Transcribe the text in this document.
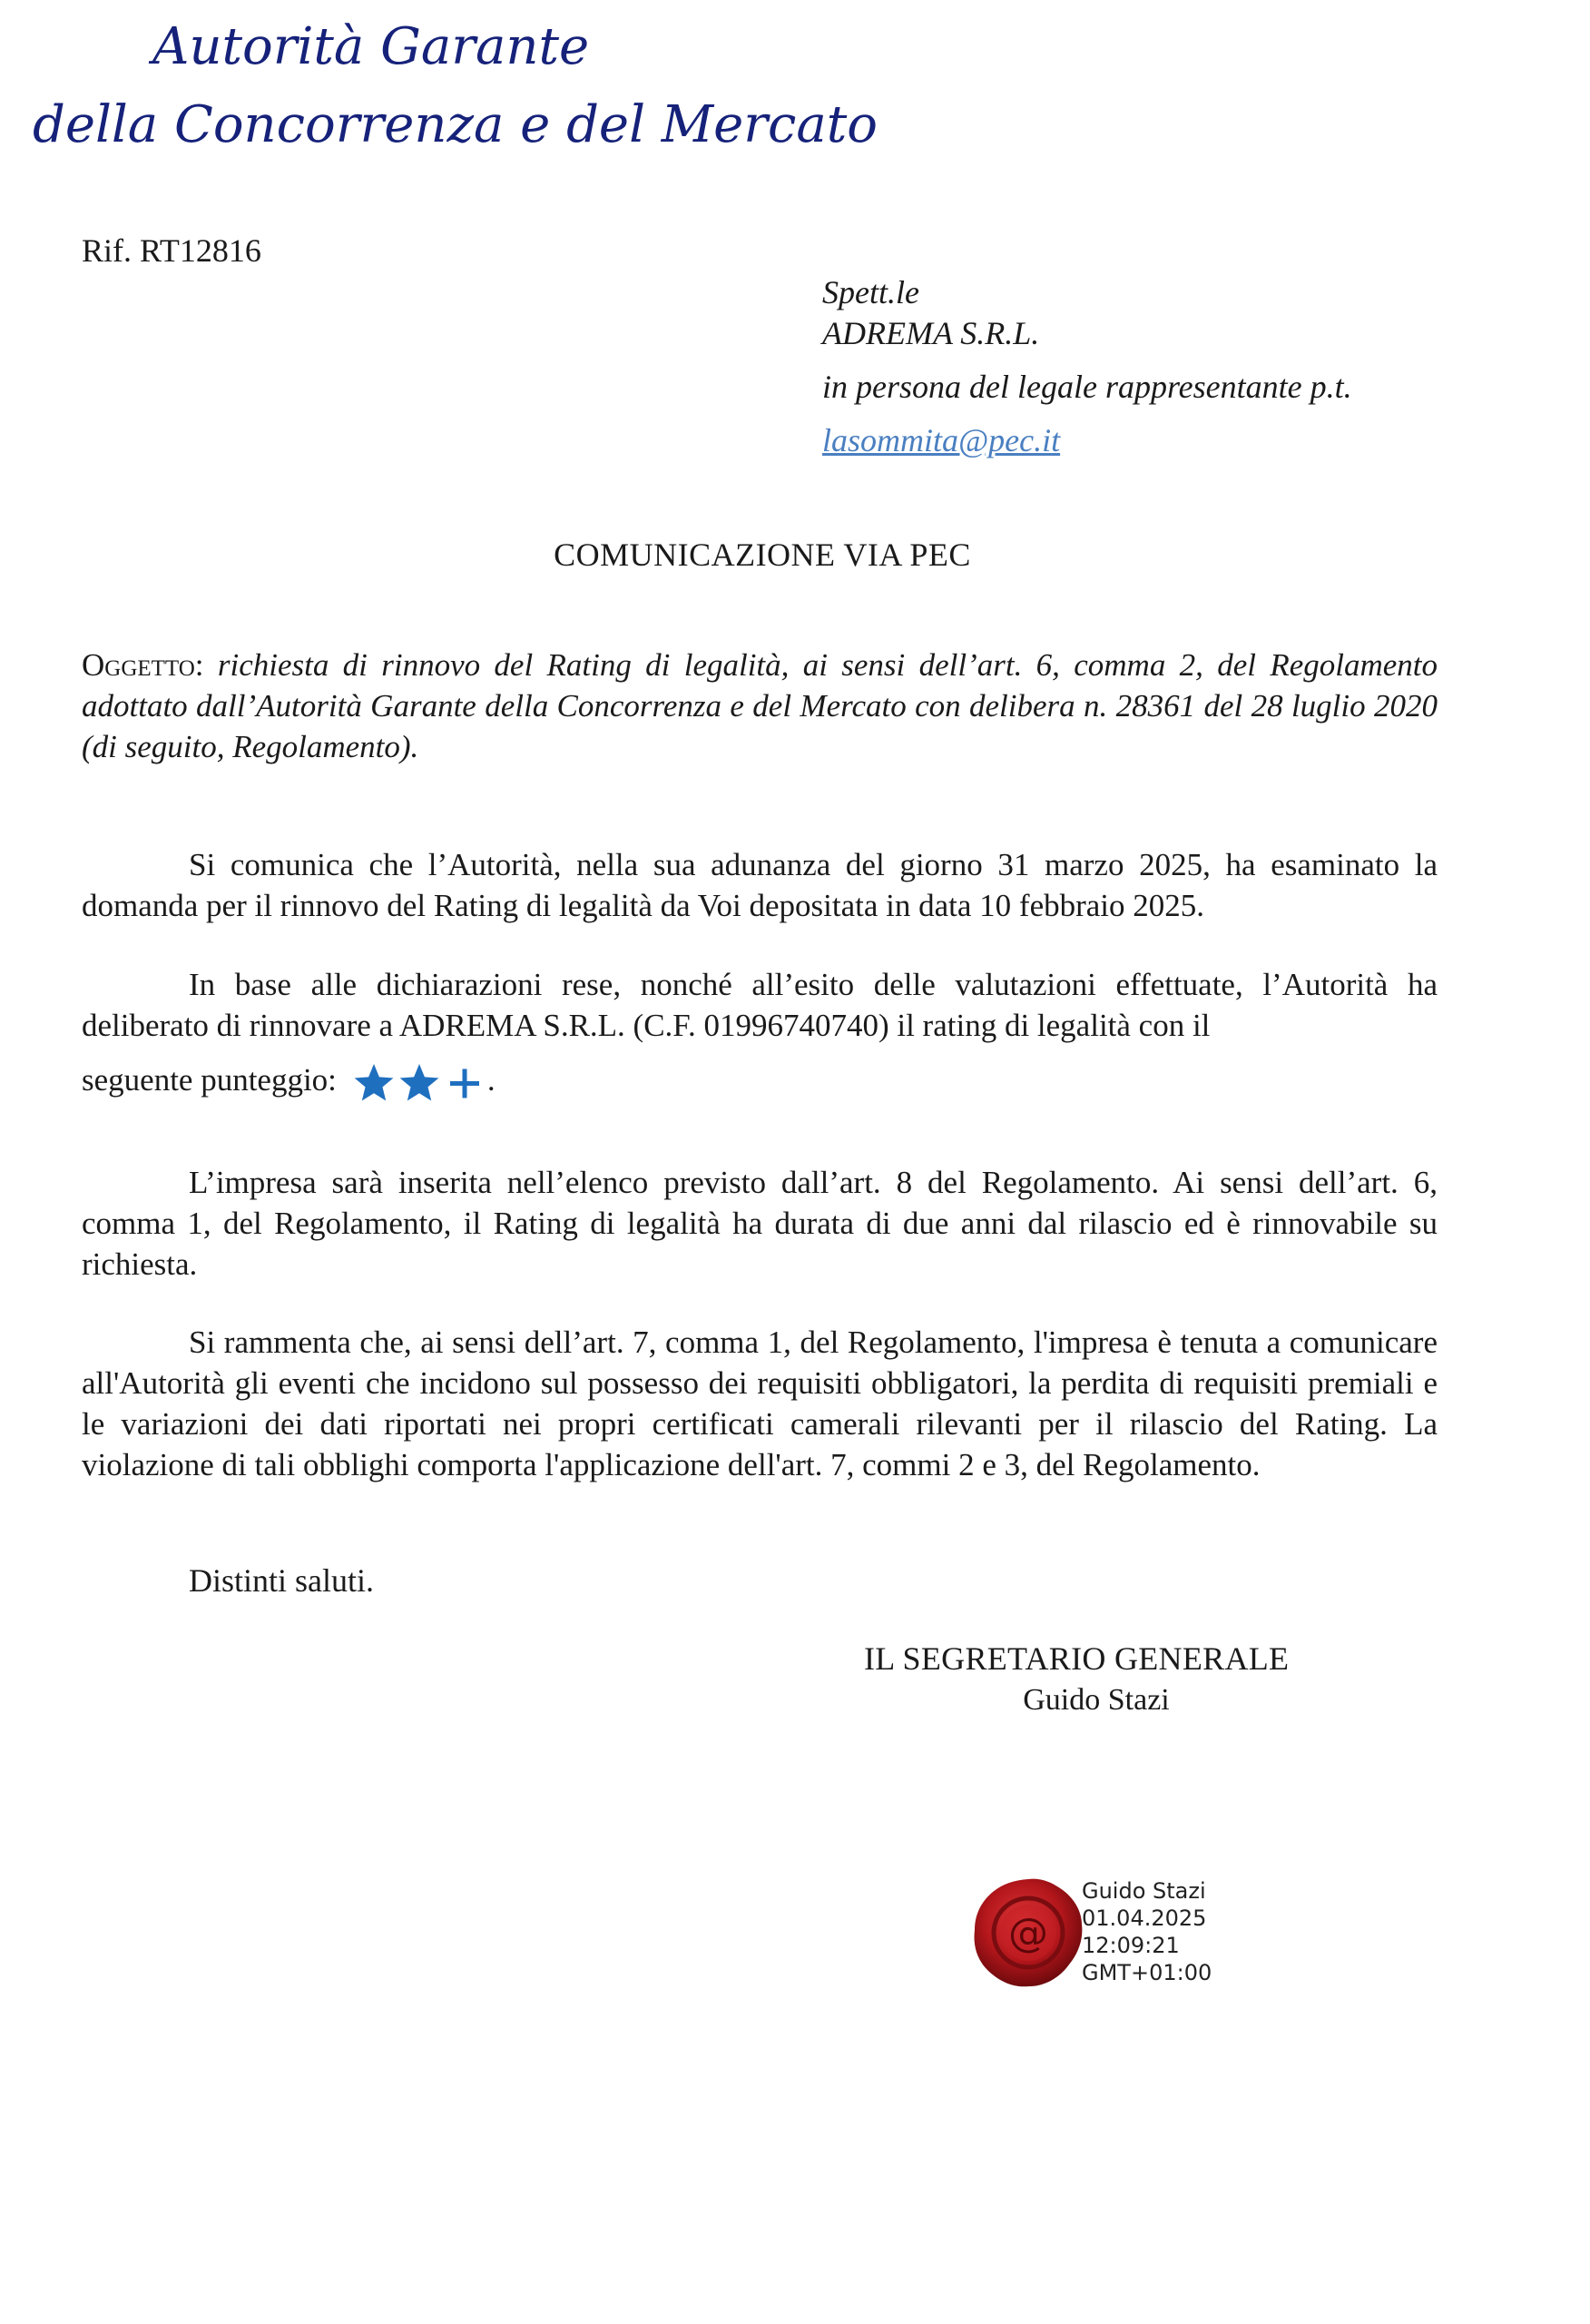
Autorità Garante
della Concorrenza e del Mercato
Rif. RT12816
Spett.le
ADREMA S.R.L.
in persona del legale rappresentante p.t.
lasommita@pec.it
COMUNICAZIONE VIA PEC
Oggetto: richiesta di rinnovo del Rating di legalità, ai sensi dell’art. 6, comma 2, del Regolamento adottato dall’Autorità Garante della Concorrenza e del Mercato con delibera n. 28361 del 28 luglio 2020 (di seguito, Regolamento).
Si comunica che l’Autorità, nella sua adunanza del giorno 31 marzo 2025, ha esaminato la domanda per il rinnovo del Rating di legalità da Voi depositata in data 10 febbraio 2025.
In base alle dichiarazioni rese, nonché all’esito delle valutazioni effettuate, l’Autorità ha deliberato di rinnovare a ADREMA S.R.L. (C.F. 01996740740) il rating di legalità con il
seguente punteggio:	.
L’impresa sarà inserita nell’elenco previsto dall’art. 8 del Regolamento. Ai sensi dell’art. 6, comma 1, del Regolamento, il Rating di legalità ha durata di due anni dal rilascio ed è rinnovabile su richiesta.
Si rammenta che, ai sensi dell’art. 7, comma 1, del Regolamento, l'impresa è tenuta a comunicare all'Autorità gli eventi che incidono sul possesso dei requisiti obbligatori, la perdita di requisiti premiali e le variazioni dei dati riportati nei propri certificati camerali rilevanti per il rilascio del Rating. La violazione di tali obblighi comporta l'applicazione dell'art. 7, commi 2 e 3, del Regolamento.
Distinti saluti.
IL SEGRETARIO GENERALE
Guido Stazi
@
Guido Stazi
01.04.2025
12:09:21
GMT+01:00
